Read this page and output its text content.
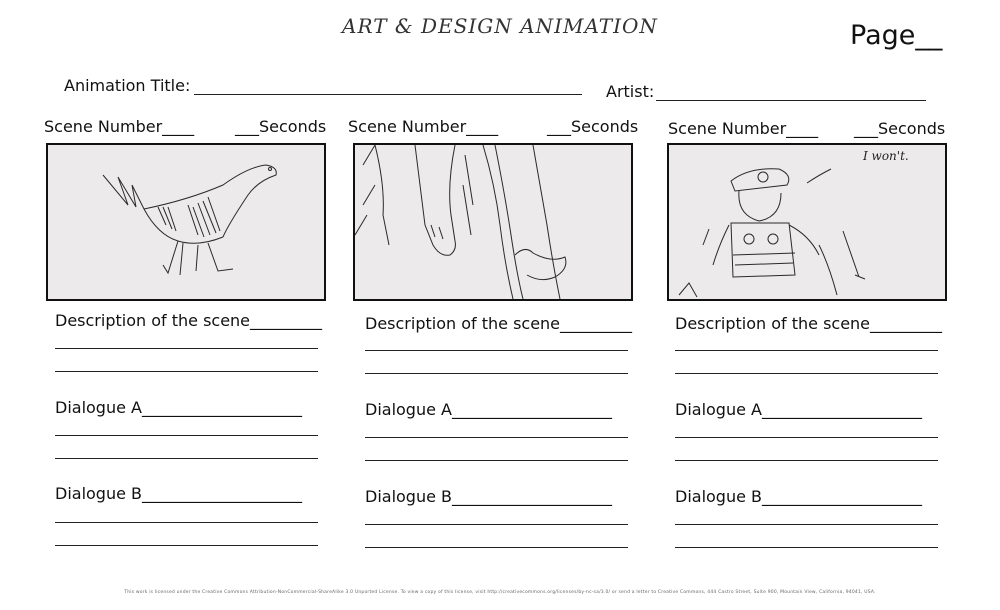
ART & DESIGN ANIMATION	Page__
Animation Title:	Artist:
Scene Number____	___Seconds
Description of the scene_________
Dialogue A____________________
Dialogue B____________________
Scene Number____	___Seconds
Description of the scene_________
Dialogue A____________________
Dialogue B____________________
Scene Number____ ___Seconds
I won't.
Description of the scene_________
Dialogue A____________________
Dialogue B____________________
This work is licensed under the Creative Commons Attribution-NonCommercial-ShareAlike 3.0 Unported License. To view a copy of this license, visit http://creativecommons.org/licenses/by-nc-sa/3.0/ or send a letter to Creative Commons, 444 Castro Street, Suite 900, Mountain View, California, 94041, USA.
